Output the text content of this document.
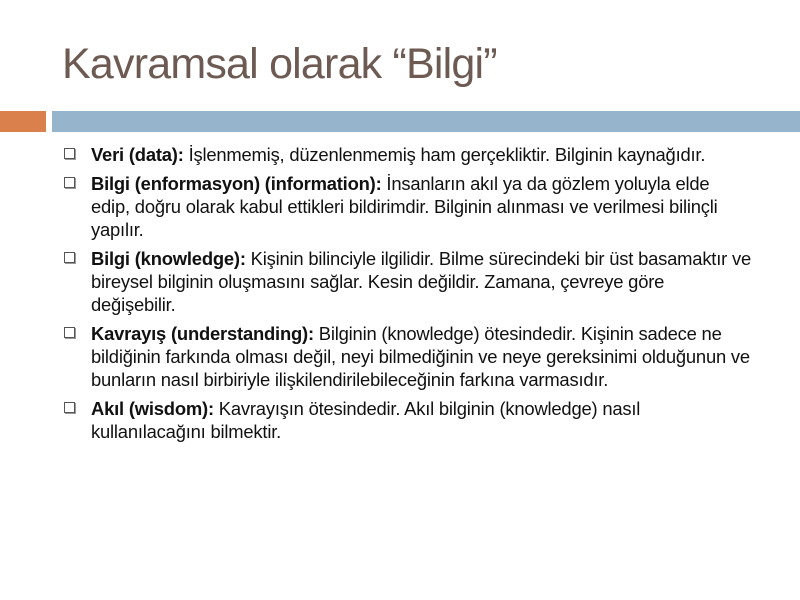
Kavramsal olarak “Bilgi”
Veri (data): İşlenmemiş, düzenlenmemiş ham gerçekliktir. Bilginin kaynağıdır.
Bilgi (enformasyon) (information): İnsanların akıl ya da gözlem yoluyla elde edip, doğru olarak kabul ettikleri bildirimdir. Bilginin alınması ve verilmesi bilinçli yapılır.
Bilgi (knowledge): Kişinin bilinciyle ilgilidir. Bilme sürecindeki bir üst basamaktır ve bireysel bilginin oluşmasını sağlar. Kesin değildir. Zamana, çevreye göre değişebilir.
Kavrayış (understanding): Bilginin (knowledge) ötesindedir. Kişinin sadece ne bildiğinin farkında olması değil, neyi bilmediğinin ve neye gereksinimi olduğunun ve bunların nasıl birbiriyle ilişkilendirilebileceğinin farkına varmasıdır.
Akıl (wisdom): Kavrayışın ötesindedir. Akıl bilginin (knowledge) nasıl kullanılacağını bilmektir.
